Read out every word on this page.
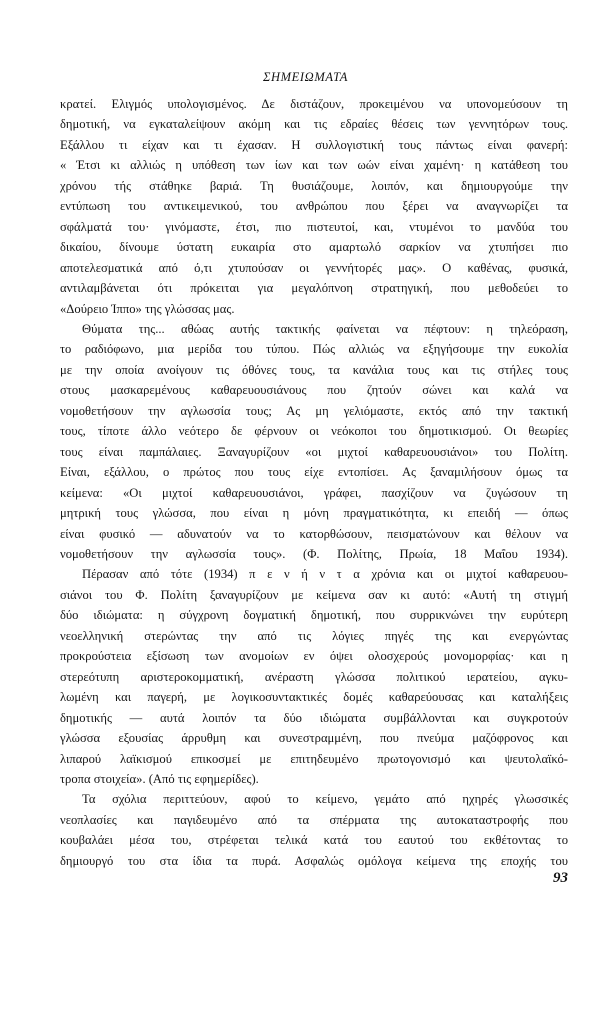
ΣΗΜΕΙΩΜΑΤΑ

κρατεί. Ελιγμός υπολογισμένος. Δε διστάζουν, προκειμένου να υπονομεύσουν τη

δημοτική, να εγκαταλείψουν ακόμη και τις εδραίες θέσεις των γεννητόρων τους.

Εξάλλου τι είχαν και τι έχασαν. Η συλλογιστική τους πάντως είναι φανερή:

« Έτσι κι αλλιώς η υπόθεση των ίων και των ωών είναι χαμένη· η κατάθεση του

χρόνου τής στάθηκε βαριά. Τη θυσιάζουμε, λοιπόν, και δημιουργούμε την

εντύπωση του αντικειμενικού, του ανθρώπου που ξέρει να αναγνωρίζει τα

σφάλματά του· γινόμαστε, έτσι, πιο πιστευτοί, και, ντυμένοι το μανδύα του

δικαίου, δίνουμε ύστατη ευκαιρία στο αμαρτωλό σαρκίον να χτυπήσει πιο

αποτελεσματικά από ό,τι χτυπούσαν οι γεννήτορές μας». Ο καθένας, φυσικά,

αντιλαμβάνεται ότι πρόκειται για μεγαλόπνοη στρατηγική, που μεθοδεύει το

«Δούρειο Ίππο» της γλώσσας μας.

Θύματα της... αθώας αυτής τακτικής φαίνεται να πέφτουν: η τηλεόραση,

το ραδιόφωνο, μια μερίδα του τύπου. Πώς αλλιώς να εξηγήσουμε την ευκολία

με την οποία ανοίγουν τις όθόνες τους, τα κανάλια τους και τις στήλες τους

στους μασκαρεμένους καθαρευουσιάνους που ζητούν σώνει και καλά να

νομοθετήσουν την αγλωσσία τους; Ας μη γελιόμαστε, εκτός από την τακτική

τους, τίποτε άλλο νεότερο δε φέρνουν οι νεόκοποι του δημοτικισμού. Οι θεωρίες

τους είναι παμπάλαιες. Ξαναγυρίζουν «οι μιχτοί καθαρευουσιάνοι» του Πολίτη.

Είναι, εξάλλου, ο πρώτος που τους είχε εντοπίσει. Ας ξαναμιλήσουν όμως τα

κείμενα: «Οι μιχτοί καθαρευουσιάνοι, γράφει, πασχίζουν να ζυγώσουν τη

μητρική τους γλώσσα, που είναι η μόνη πραγματικότητα, κι επειδή — όπως

είναι φυσικό — αδυνατούν να το κατορθώσουν, πεισματώνουν και θέλουν να

νομοθετήσουν την αγλωσσία τους». (Φ. Πολίτης, Πρωία, 18 Μαΐου 1934).

Πέρασαν από τότε (1934) π ε ν ή ν τ α χρόνια και οι μιχτοί καθαρευου-

σιάνοι του Φ. Πολίτη ξαναγυρίζουν με κείμενα σαν κι αυτό: «Αυτή τη στιγμή

δύο ιδιώματα: η σύγχρονη δογματική δημοτική, που συρρικνώνει την ευρύτερη

νεοελληνική στερώντας την από τις λόγιες πηγές της και ενεργώντας

προκρούστεια εξίσωση των ανομοίων εν όψει ολοσχερούς μονομορφίας· και η

στερεότυπη αριστεροκομματική, ανέραστη γλώσσα πολιτικού ιερατείου, αγκυ-

λωμένη και παγερή, με λογικοσυντακτικές δομές καθαρεύουσας και καταλήξεις

δημοτικής — αυτά λοιπόν τα δύο ιδιώματα συμβάλλονται και συγκροτούν

γλώσσα εξουσίας άρρυθμη και συνεστραμμένη, που πνεύμα μαζόφρονος και

λιπαρού λαϊκισμού επικοσμεί με επιτηδευμένο πρωτογονισμό και ψευτολαϊκό-

τροπα στοιχεία». (Από τις εφημερίδες).

Τα σχόλια περιττεύουν, αφού το κείμενο, γεμάτο από ηχηρές γλωσσικές

νεοπλασίες και παγιδευμένο από τα σπέρματα της αυτοκαταστροφής που

κουβαλάει μέσα του, στρέφεται τελικά κατά του εαυτού του εκθέτοντας το

δημιουργό του στα ίδια τα πυρά. Ασφαλώς ομόλογα κείμενα της εποχής του

93
